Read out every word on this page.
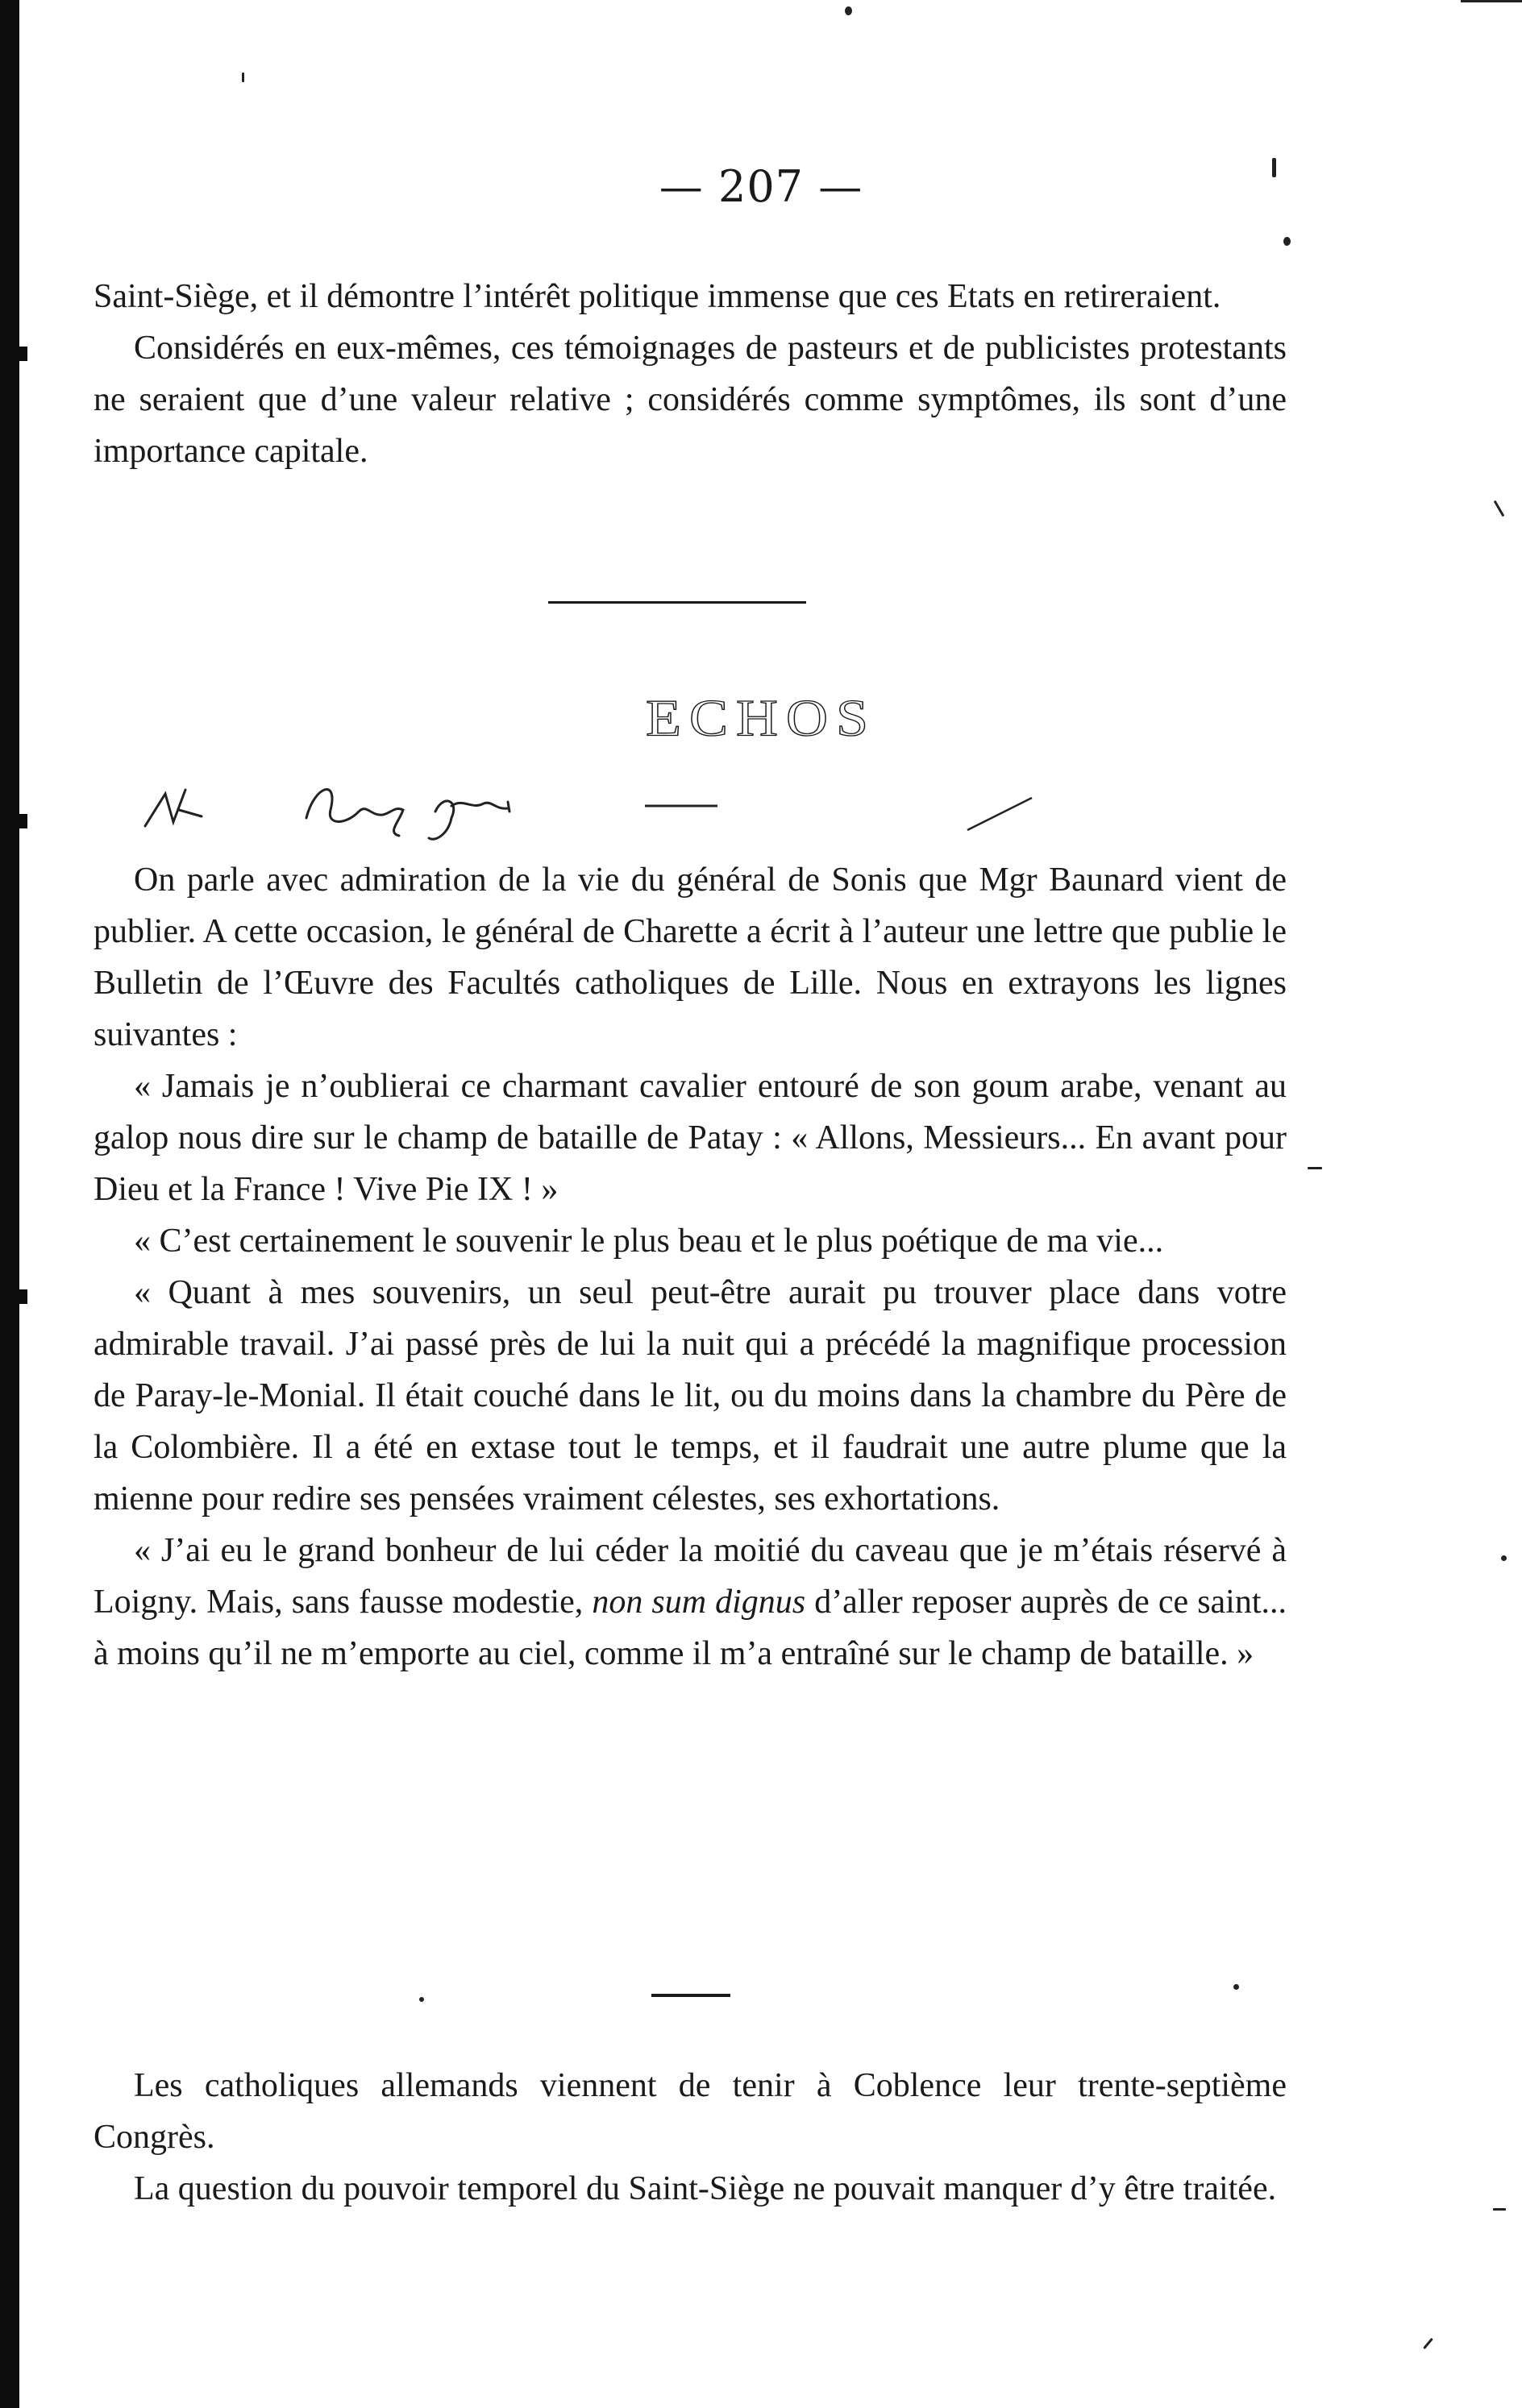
— 207 —

Saint-Siège, et il démontre l’intérêt politique immense que ces Etats en retireraient.

Considérés en eux-mêmes, ces témoignages de pasteurs et de publicistes protestants ne seraient que d’une valeur relative ; considérés comme symptômes, ils sont d’une importance capitale.

ECHOS

On parle avec admiration de la vie du général de Sonis que Mgr Baunard vient de publier. A cette occasion, le général de Charette a écrit à l’auteur une lettre que publie le Bulletin de l’Œuvre des Facultés catholiques de Lille. Nous en extrayons les lignes suivantes :

« Jamais je n’oublierai ce charmant cavalier entouré de son goum arabe, venant au galop nous dire sur le champ de bataille de Patay : « Allons, Messieurs... En avant pour Dieu et la France ! Vive Pie IX ! »

« C’est certainement le souvenir le plus beau et le plus poétique de ma vie...

« Quant à mes souvenirs, un seul peut-être aurait pu trouver place dans votre admirable travail. J’ai passé près de lui la nuit qui a précédé la magnifique procession de Paray-le-Monial. Il était couché dans le lit, ou du moins dans la chambre du Père de la Colombière. Il a été en extase tout le temps, et il faudrait une autre plume que la mienne pour redire ses pensées vraiment célestes, ses exhortations.

« J’ai eu le grand bonheur de lui céder la moitié du caveau que je m’étais réservé à Loigny. Mais, sans fausse modestie, non sum dignus d’aller reposer auprès de ce saint... à moins qu’il ne m’emporte au ciel, comme il m’a entraîné sur le champ de bataille. »

Les catholiques allemands viennent de tenir à Coblence leur trente-septième Congrès.

La question du pouvoir temporel du Saint-Siège ne pouvait manquer d’y être traitée.
